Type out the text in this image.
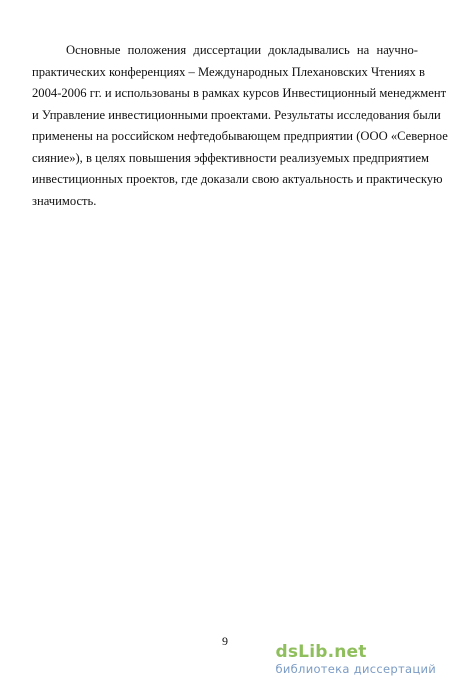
Основные положения диссертации докладывались на научно-
практических конференциях – Международных Плехановских Чтениях в
2004-2006 гг. и использованы в рамках курсов Инвестиционный менеджмент
и Управление инвестиционными проектами. Результаты исследования были
применены на российском нефтедобывающем предприятии (ООО «Северное
сияние»), в целях повышения эффективности реализуемых предприятием
инвестиционных проектов, где доказали свою актуальность и практическую
значимость.
9
dsLib.net
библиотека диссертаций
